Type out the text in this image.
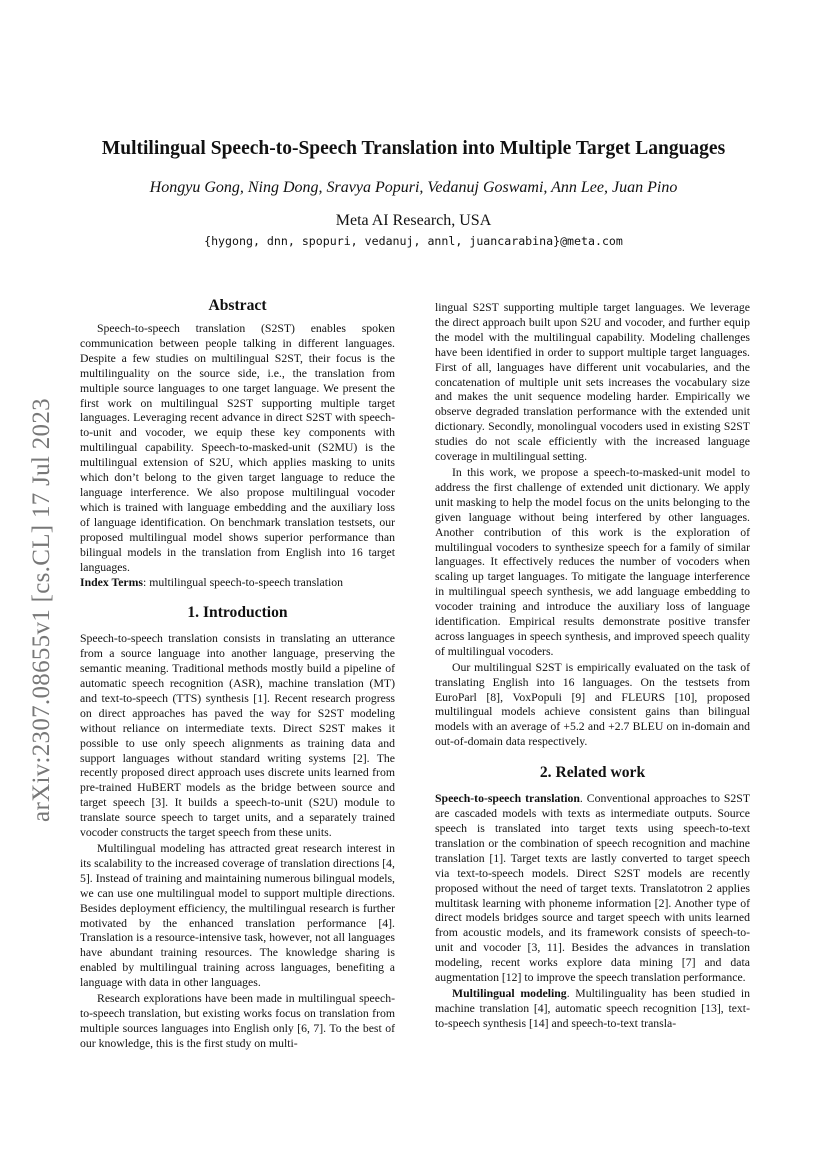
arXiv:2307.08655v1 [cs.CL] 17 Jul 2023
Multilingual Speech-to-Speech Translation into Multiple Target Languages
Hongyu Gong, Ning Dong, Sravya Popuri, Vedanuj Goswami, Ann Lee, Juan Pino
Meta AI Research, USA
{hygong, dnn, spopuri, vedanuj, annl, juancarabina}@meta.com
Abstract

Speech-to-speech translation (S2ST) enables spoken communication between people talking in different languages. Despite a few studies on multilingual S2ST, their focus is the multilinguality on the source side, i.e., the translation from multiple source languages to one target language. We present the first work on multilingual S2ST supporting multiple target languages. Leveraging recent advance in direct S2ST with speech-to-unit and vocoder, we equip these key components with multilingual capability. Speech-to-masked-unit (S2MU) is the multilingual extension of S2U, which applies masking to units which don’t belong to the given target language to reduce the language interference. We also propose multilingual vocoder which is trained with language embedding and the auxiliary loss of language identification. On benchmark translation testsets, our proposed multilingual model shows superior performance than bilingual models in the translation from English into 16 target languages.

Index Terms: multilingual speech-to-speech translation

1. Introduction

Speech-to-speech translation consists in translating an utterance from a source language into another language, preserving the semantic meaning. Traditional methods mostly build a pipeline of automatic speech recognition (ASR), machine translation (MT) and text-to-speech (TTS) synthesis [1]. Recent research progress on direct approaches has paved the way for S2ST modeling without reliance on intermediate texts. Direct S2ST makes it possible to use only speech alignments as training data and support languages without standard writing systems [2]. The recently proposed direct approach uses discrete units learned from pre-trained HuBERT models as the bridge between source and target speech [3]. It builds a speech-to-unit (S2U) module to translate source speech to target units, and a separately trained vocoder constructs the target speech from these units.

Multilingual modeling has attracted great research interest in its scalability to the increased coverage of translation directions [4, 5]. Instead of training and maintaining numerous bilingual models, we can use one multilingual model to support multiple directions. Besides deployment efficiency, the multilingual research is further motivated by the enhanced translation performance [4]. Translation is a resource-intensive task, however, not all languages have abundant training resources. The knowledge sharing is enabled by multilingual training across languages, benefiting a language with data in other languages.

Research explorations have been made in multilingual speech-to-speech translation, but existing works focus on translation from multiple sources languages into English only [6, 7]. To the best of our knowledge, this is the first study on multi-

lingual S2ST supporting multiple target languages. We leverage the direct approach built upon S2U and vocoder, and further equip the model with the multilingual capability. Modeling challenges have been identified in order to support multiple target languages. First of all, languages have different unit vocabularies, and the concatenation of multiple unit sets increases the vocabulary size and makes the unit sequence modeling harder. Empirically we observe degraded translation performance with the extended unit dictionary. Secondly, monolingual vocoders used in existing S2ST studies do not scale efficiently with the increased language coverage in multilingual setting.

In this work, we propose a speech-to-masked-unit model to address the first challenge of extended unit dictionary. We apply unit masking to help the model focus on the units belonging to the given language without being interfered by other languages. Another contribution of this work is the exploration of multilingual vocoders to synthesize speech for a family of similar languages. It effectively reduces the number of vocoders when scaling up target languages. To mitigate the language interference in multilingual speech synthesis, we add language embedding to vocoder training and introduce the auxiliary loss of language identification. Empirical results demonstrate positive transfer across languages in speech synthesis, and improved speech quality of multilingual vocoders.

Our multilingual S2ST is empirically evaluated on the task of translating English into 16 languages. On the testsets from EuroParl [8], VoxPopuli [9] and FLEURS [10], proposed multilingual models achieve consistent gains than bilingual models with an average of +5.2 and +2.7 BLEU on in-domain and out-of-domain data respectively.

2. Related work

Speech-to-speech translation. Conventional approaches to S2ST are cascaded models with texts as intermediate outputs. Source speech is translated into target texts using speech-to-text translation or the combination of speech recognition and machine translation [1]. Target texts are lastly converted to target speech via text-to-speech models. Direct S2ST models are recently proposed without the need of target texts. Translatotron 2 applies multitask learning with phoneme information [2]. Another type of direct models bridges source and target speech with units learned from acoustic models, and its framework consists of speech-to-unit and vocoder [3, 11]. Besides the advances in translation modeling, recent works explore data mining [7] and data augmentation [12] to improve the speech translation performance.

Multilingual modeling. Multilinguality has been studied in machine translation [4], automatic speech recognition [13], text-to-speech synthesis [14] and speech-to-text transla-
